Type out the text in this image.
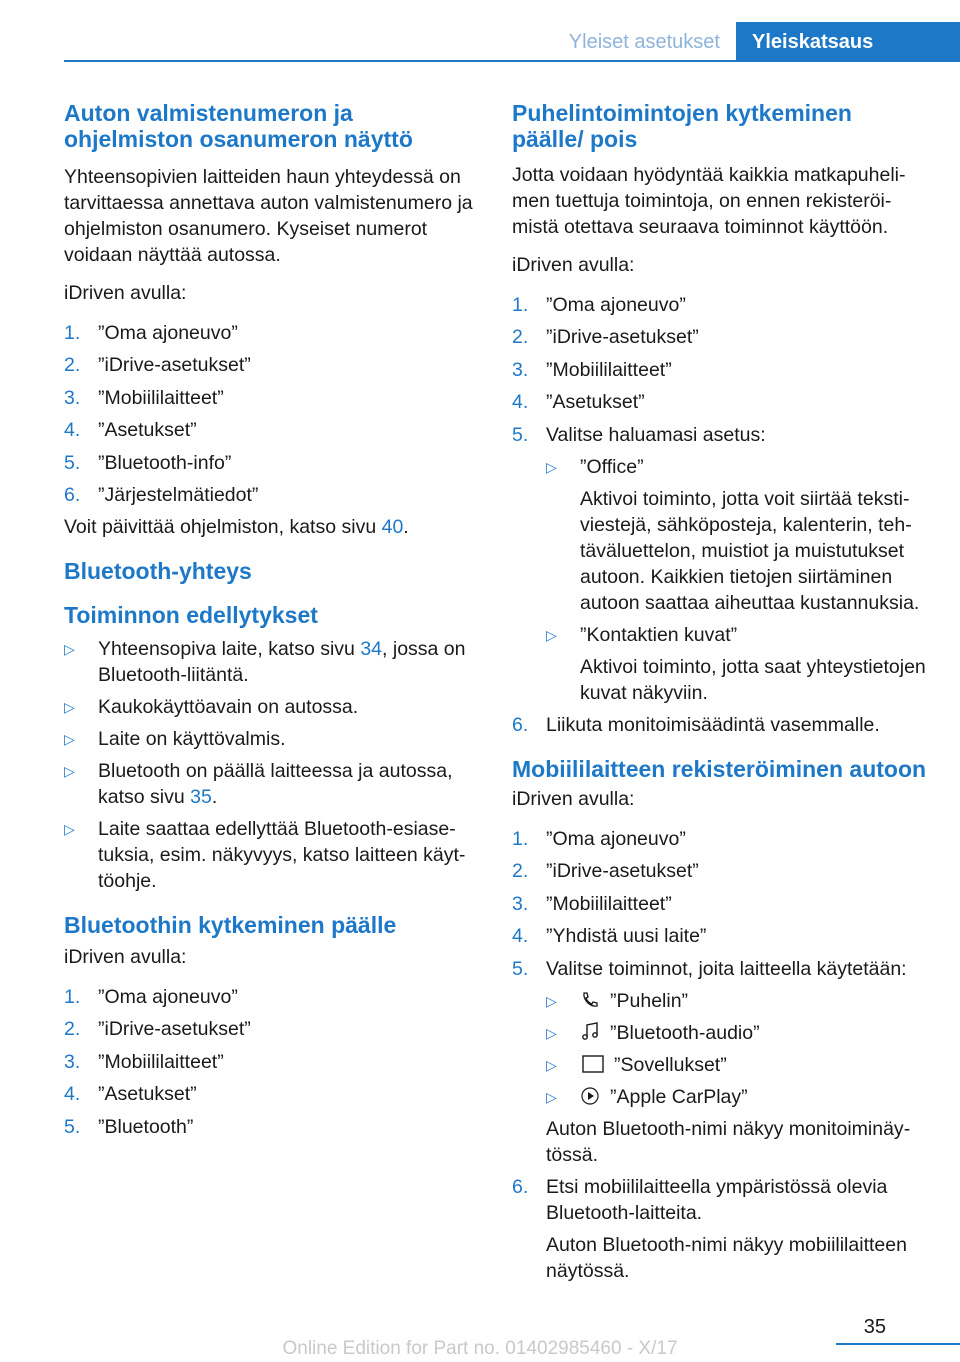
Yleiset asetukset	Yleiskatsaus
Auton valmistenumeron ja ohjelmiston osanumeron näyttö

Yhteensopivien laitteiden haun yhteydessä on tarvittaessa annettava auton valmistenumero ja ohjelmiston osanumero. Kyseiset numerot voidaan näyttää autossa.

iDriven avulla:

1. ”Oma ajoneuvo”
2. ”iDrive-asetukset”
3. ”Mobiililaitteet”
4. ”Asetukset”
5. ”Bluetooth-info”
6. ”Järjestelmätiedot”

Voit päivittää ohjelmiston, katso sivu 40.

Bluetooth-yhteys
Toiminnon edellytykset
▷	Yhteensopiva laite, katso sivu 34, jossa on Bluetooth-liitäntä.
▷	Kaukokäyttöavain on autossa.
▷	Laite on käyttövalmis.
▷	Bluetooth on päällä laitteessa ja autossa, katso sivu 35.
▷	Laite saattaa edellyttää Bluetooth-esiasetuksia, esim. näkyvyys, katso laitteen käyttöohje.
Bluetoothin kytkeminen päälle

iDriven avulla:

1. ”Oma ajoneuvo”
2. ”iDrive-asetukset”
3. ”Mobiililaitteet”
4. ”Asetukset”
5. ”Bluetooth”
Puhelintoimintojen kytkeminen päälle/ pois

Jotta voidaan hyödyntää kaikkia matkapuhelimen tuettuja toimintoja, on ennen rekisteröimistä otettava seuraava toiminnot käyttöön.

iDriven avulla:

1. ”Oma ajoneuvo”
2. ”iDrive-asetukset”
3. ”Mobiililaitteet”
4. ”Asetukset”
5. Valitse haluamasi asetus:
▷	”Office”
Aktivoi toiminto, jotta voit siirtää tekstiviestejä, sähköposteja, kalenterin, tehtäväluettelon, muistiot ja muistutukset autoon. Kaikkien tietojen siirtäminen autoon saattaa aiheuttaa kustannuksia.
▷	”Kontaktien kuvat”
Aktivoi toiminto, jotta saat yhteystietojen kuvat näkyviin.
6. Liikuta monitoimisäädintä vasemmalle.
Mobiililaitteen rekisteröiminen autoon

iDriven avulla:

1. ”Oma ajoneuvo”
2. ”iDrive-asetukset”
3. ”Mobiililaitteet”
4. ”Yhdistä uusi laite”
5. Valitse toiminnot, joita laitteella käytetään:
▷	”Puhelin”
▷	”Bluetooth-audio”
▷	”Sovellukset”
▷	”Apple CarPlay”

Auton Bluetooth-nimi näkyy monitoiminäytössä.

6. Etsi mobiililaitteella ympäristössä olevia Bluetooth-laitteita.

Auton Bluetooth-nimi näkyy mobiililaitteen näytössä.

35
Online Edition for Part no. 01402985460 - X/17
